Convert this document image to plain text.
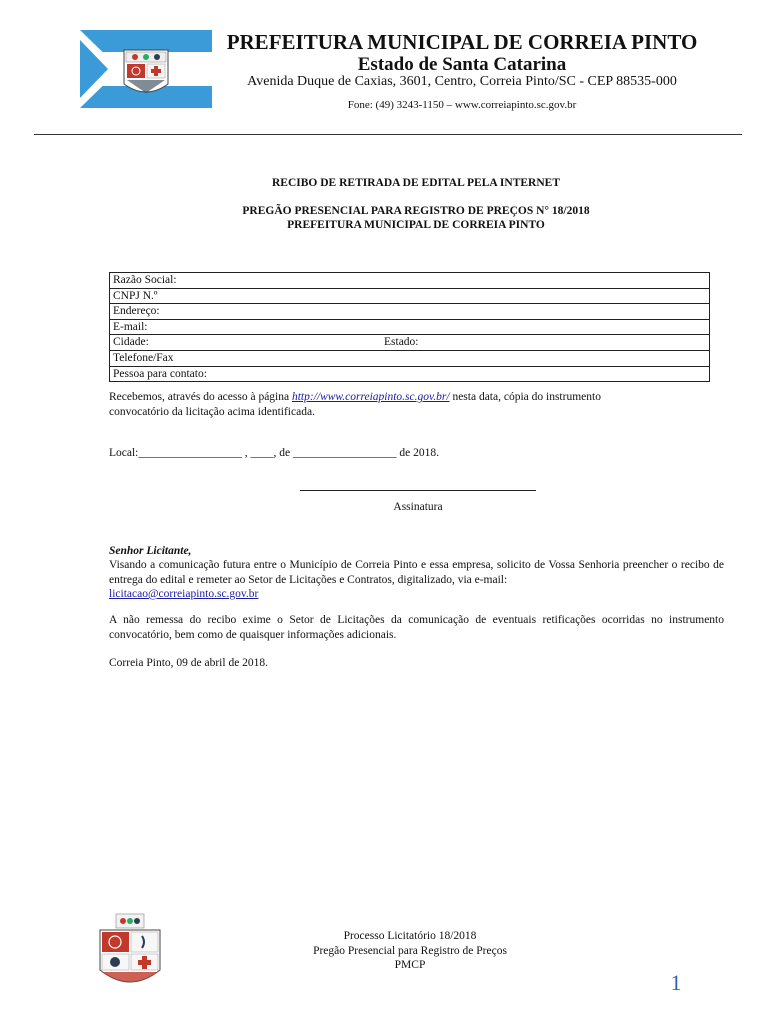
PREFEITURA MUNICIPAL DE CORREIA PINTO
Estado de Santa Catarina
Avenida Duque de Caxias, 3601, Centro, Correia Pinto/SC - CEP 88535-000
Fone: (49) 3243-1150 – www.correiapinto.sc.gov.br
RECIBO DE RETIRADA DE EDITAL PELA INTERNET
PREGÃO PRESENCIAL PARA REGISTRO DE PREÇOS N° 18/2018
PREFEITURA MUNICIPAL DE CORREIA PINTO
Razão Social:
CNPJ N.º
Endereço:
E-mail:
Cidade:	Estado:
Telefone/Fax
Pessoa para contato:
Recebemos, através do acesso à página http://www.correiapinto.sc.gov.br/ nesta data, cópia do instrumento
convocatório da licitação acima identificada.
Local:__________________ , ____, de __________________ de 2018.
Assinatura
Senhor Licitante,
Visando a comunicação futura entre o Município de Correia Pinto e essa empresa, solicito de Vossa Senhoria preencher o recibo de entrega do edital e remeter ao Setor de Licitações e Contratos, digitalizado, via e-mail:
licitacao@correiapinto.sc.gov.br
A não remessa do recibo exime o Setor de Licitações da comunicação de eventuais retificações ocorridas no instrumento convocatório, bem como de quaisquer informações adicionais.
Correia Pinto, 09 de abril de 2018.
Processo Licitatório 18/2018
Pregão Presencial para Registro de Preços
PMCP
1
